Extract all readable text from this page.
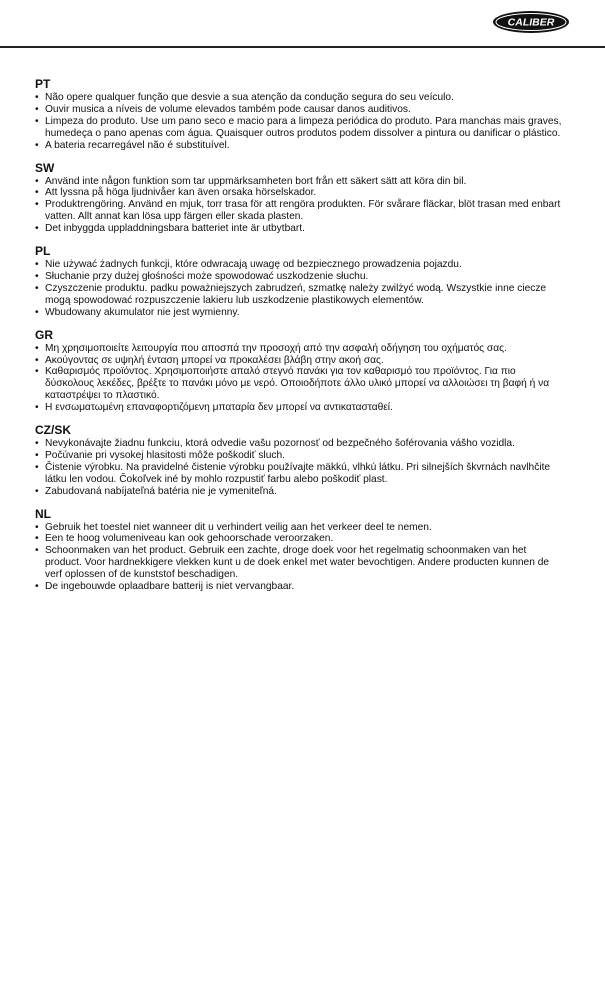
CALIBER
PT
• Não opere qualquer função que desvie a sua atenção da condução segura do seu veículo.
• Ouvir musica a níveis de volume elevados também pode causar danos auditivos.
• Limpeza do produto. Use um pano seco e macio para a limpeza periódica do produto. Para manchas mais graves, humedeça o pano apenas com água. Quaisquer outros produtos podem dissolver a pintura ou danificar o plástico.
• A bateria recarregável não é substituível.
SW
• Använd inte någon funktion som tar uppmärksamheten bort från ett säkert sätt att köra din bil.
• Att lyssna på höga ljudnivåer kan även orsaka hörselskador.
• Produktrengöring. Använd en mjuk, torr trasa för att rengöra produkten. För svårare fläckar, blöt trasan med enbart vatten. Allt annat kan lösa upp färgen eller skada plasten.
• Det inbyggda uppladdningsbara batteriet inte är utbytbart.
PL
• Nie używać żadnych funkcji, które odwracają uwagę od bezpiecznego prowadzenia pojazdu.
• Słuchanie przy dużej głośności może spowodować uszkodzenie słuchu.
• Czyszczenie produktu. padku poważniejszych zabrudzeń, szmatkę należy zwilżyć wodą. Wszystkie inne ciecze mogą spowodować rozpuszczenie lakieru lub uszkodzenie plastikowych elementów.
• Wbudowany akumulator nie jest wymienny.
GR
• Μη χρησιμοποιείτε λειτουργία που αποσπά την προσοχή από την ασφαλή οδήγηση του οχήματός σας.
• Ακούγοντας σε υψηλή ένταση μπορεί να προκαλέσει βλάβη στην ακοή σας.
• Καθαρισμός προϊόντος. Χρησιμοποιήστε απαλό στεγνό πανάκι για τον καθαρισμό του προϊόντος. Για πιο δύσκολους λεκέδες, βρέξτε το πανάκι μόνο με νερό. Οποιοδήποτε άλλο υλικό μπορεί να αλλοιώσει τη βαφή ή να καταστρέψει το πλαστικό.
• Η ενσωματωμένη επαναφορτιζόμενη μπαταρία δεν μπορεί να αντικατασταθεί.
CZ/SK
• Nevykonávajte žiadnu funkciu, ktorá odvedie vašu pozornosť od bezpečného šoférovania vášho vozidla.
• Počúvanie pri vysokej hlasitosti môže poškodiť sluch.
• Čistenie výrobku. Na pravidelné čistenie výrobku používajte mäkkú, vlhkú látku. Pri silnejších škvrnách navlhčite látku len vodou. Čokoľvek iné by mohlo rozpustiť farbu alebo poškodiť plast.
• Zabudovaná nabíjateľná batéria nie je vymeniteľná.
NL
• Gebruik het toestel niet wanneer dit u verhindert veilig aan het verkeer deel te nemen.
• Een te hoog volumeniveau kan ook gehoorschade veroorzaken.
• Schoonmaken van het product. Gebruik een zachte, droge doek voor het regelmatig schoonmaken van het product. Voor hardnekkigere vlekken kunt u de doek enkel met water bevochtigen. Andere producten kunnen de verf oplossen of de kunststof beschadigen.
• De ingebouwde oplaadbare batterij is niet vervangbaar.
